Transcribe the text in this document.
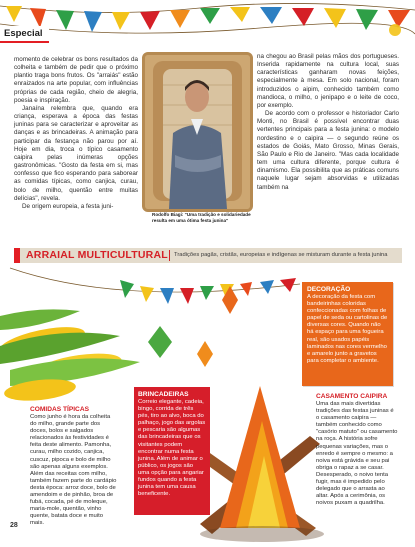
Especial

momento de celebrar os bons resultados da colheita e também de pedir que o próximo plantio traga bons frutos. Os "arraiás" estão enraizados na arte popular, com influências próprias de cada região, cheio de alegria, poesia e inspiração.

Janaína relembra que, quando era criança, esperava a época das festas juninas para se caracterizar e aproveitar as danças e as brincadeiras. A animação para participar da festança não parou por aí. Hoje em dia, troca o típico casamento caipira pelas inúmeras opções gastronômicas. "Gosto da festa em si, mas confesso que fico esperando para saborear as comidas típicas, como canjica, curau, bolo de milho, quentão entre muitas delícias", revela.

De origem europeia, a festa juni-

Rodolfo Biagi: "Uma tradição e solidariedade resulta em uma ótima festa junina"

na chegou ao Brasil pelas mãos dos portugueses. Inserida rapidamente na cultura local, suas características ganharam novas feições, especialmente à mesa. Em solo nacional, foram introduzidos o aipim, conhecido também como mandioca, o milho, o jenipapo e o leite de coco, por exemplo.

De acordo com o professor e historiador Carlo Monti, no Brasil é possível encontrar duas vertentes principais para a festa junina: o modelo nordestino e o caipira — o segundo reúne os estados de Goiás, Mato Grosso, Minas Gerais, São Paulo e Rio de Janeiro. "Mas cada localidade tem uma cultura diferente, porque cultura é dinamismo. Ela possibilita que as práticas comuns naquele lugar sejam absorvidas e utilizadas também na

ARRAIAL MULTICULTURAL Tradições pagãs, cristãs, europeias e indígenas se misturam durante a festa junina
DECORAÇÃO

A decoração da festa com bandeirinhas coloridas confeccionadas com folhas de papel de seda ou cartolinas de diversas cores. Quando não há espaço para uma fogueira real, são usados papéis laminados nas cores vermelho e amarelo junto a gravetos para completar o ambiente.

COMIDAS TÍPICAS

Como junho é hora da colheita do milho, grande parte dos doces, bolos e salgados relacionados às festividades é feita deste alimento. Pamonha, curau, milho cozido, canjica, cuscuz, pipoca e bolo de milho são apenas alguns exemplos. Além das receitas com milho, também fazem parte do cardápio desta época: arroz doce, bolo de amendoim e de pinhão, broa de fubá, cocada, pé de moleque, maria-mole, quentão, vinho quente, batata doce e muito mais.

BRINCADEIRAS

Correio elegante, cadeia, bingo, corrida de três pés, tiro ao alvo, boca do palhaço, jogo das argolas e pescaria são algumas das brincadeiras que os visitantes podem encontrar numa festa junina. Além de animar o público, os jogos são uma opção para angariar fundos quando a festa junina tem uma causa beneficente.

CASAMENTO CAIPIRA

Uma das mais divertidas tradições das festas juninas é o casamento caipira — também conhecido como "casório matuto" ou casamento na roça. A história sofre pequenas variações, mas o enredo é sempre o mesmo: a noiva está grávida e seu pai obriga o rapaz a se casar. Desesperado, o noivo tenta fugir, mas é impedido pelo delegado que o arrasta ao altar. Após a cerimônia, os noivos puxam a quadrilha.

28
